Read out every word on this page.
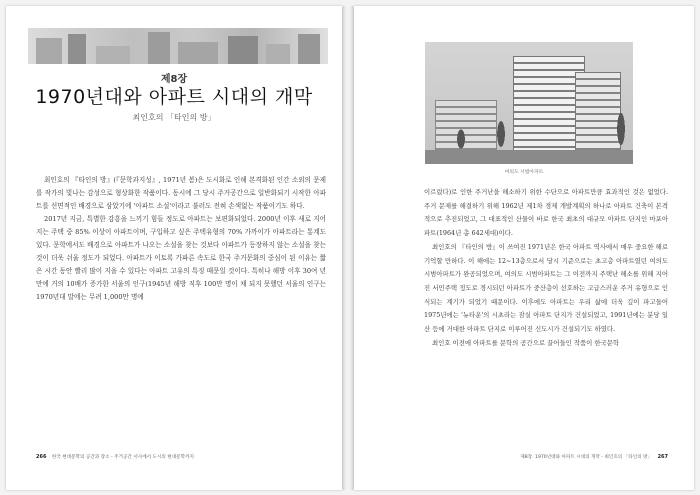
제8장
1970년대와 아파트 시대의 개막
최인호의 「타인의 방」

최인호의 『타인의 방』(『문학과지성』, 1971년 봄)은 도시화로 인해 본격화된 인간 소외의 문제를 작가의 빛나는 감성으로 형상화한 작품이다. 동시에 그 당시 주거공간으로 일반화되기 시작한 아파트를 선면적인 배경으로 삼았기에 '아파트 소설'이라고 불러도 전혀 손색없는 작품이기도 하다.

2017년 지금, 특별한 감흥을 느끼기 힘들 정도로 아파트는 보편화되었다. 2000년 이후 새로 지어지는 주택 중 85% 이상이 아파트이며, 구입하고 싶은 주택유형의 70% 가까이가 아파트라는 통계도 있다. 문학에서도 배경으로 아파트가 나오는 소설을 찾는 것보다 아파트가 등장하지 않는 소설을 찾는 것이 더욱 쉬울 정도가 되었다. 아파트가 이토록 가파른 속도로 한국 주거문화의 중심이 된 이유는 짧은 시간 동안 빨리 많이 지을 수 있다는 아파트 고유의 특징 때문일 것이다. 특히나 해방 이후 30여 년 만에 거의 10배가 증가한 서울의 인구(1945년 해방 직후 100만 명이 채 되지 못했던 서울의 인구는 1970년대 말에는 무려 1,000만 명에

266 한국 현대문학의 공간과 장소 - 주거공간 서사에서 도시의 현대문학까지
여의도 시범아파트

이르렀다)로 인한 주거난을 해소하기 위한 수단으로 아파트만큼 효과적인 것은 없었다. 주거 문제를 해결하기 위해 1962년 제1차 경제 개발계획의 하나로 아파트 건축이 본격적으로 추진되었고, 그 대표적인 산물이 바로 한국 최초의 대규모 아파트 단지인 마포아파트(1964년 총 642세대)이다.

최인호의 『타인의 방』이 쓰여진 1971년은 한국 아파트 역사에서 매우 중요한 해로 기억할 만하다. 이 해에는 12~13층으로서 당시 기준으로는 초고층 아파트였던 여의도 시범아파트가 완공되었으며, 여의도 시범아파트는 그 이전까지 주택난 해소를 위해 지어진 서민주택 정도로 경시되던 아파트가 중산층이 선호하는 고급스러운 주거 유형으로 인식되는 계기가 되었기 때문이다. 이후에도 아파트는 우리 삶에 더욱 깊이 파고들어 1975년에는 '뉴타운'의 시초라는 잠실 아파트 단지가 건설되었고, 1991년에는 분당 일산 등에 거대한 아파트 단지로 이루어진 신도시가 건설되기도 하였다.

최인호 이전에 아파트를 문학의 공간으로 끌어들인 작품이 한국문학

제8장. 1970년대와 아파트 시대의 개막 - 최인호의 「타인의 방」 267
